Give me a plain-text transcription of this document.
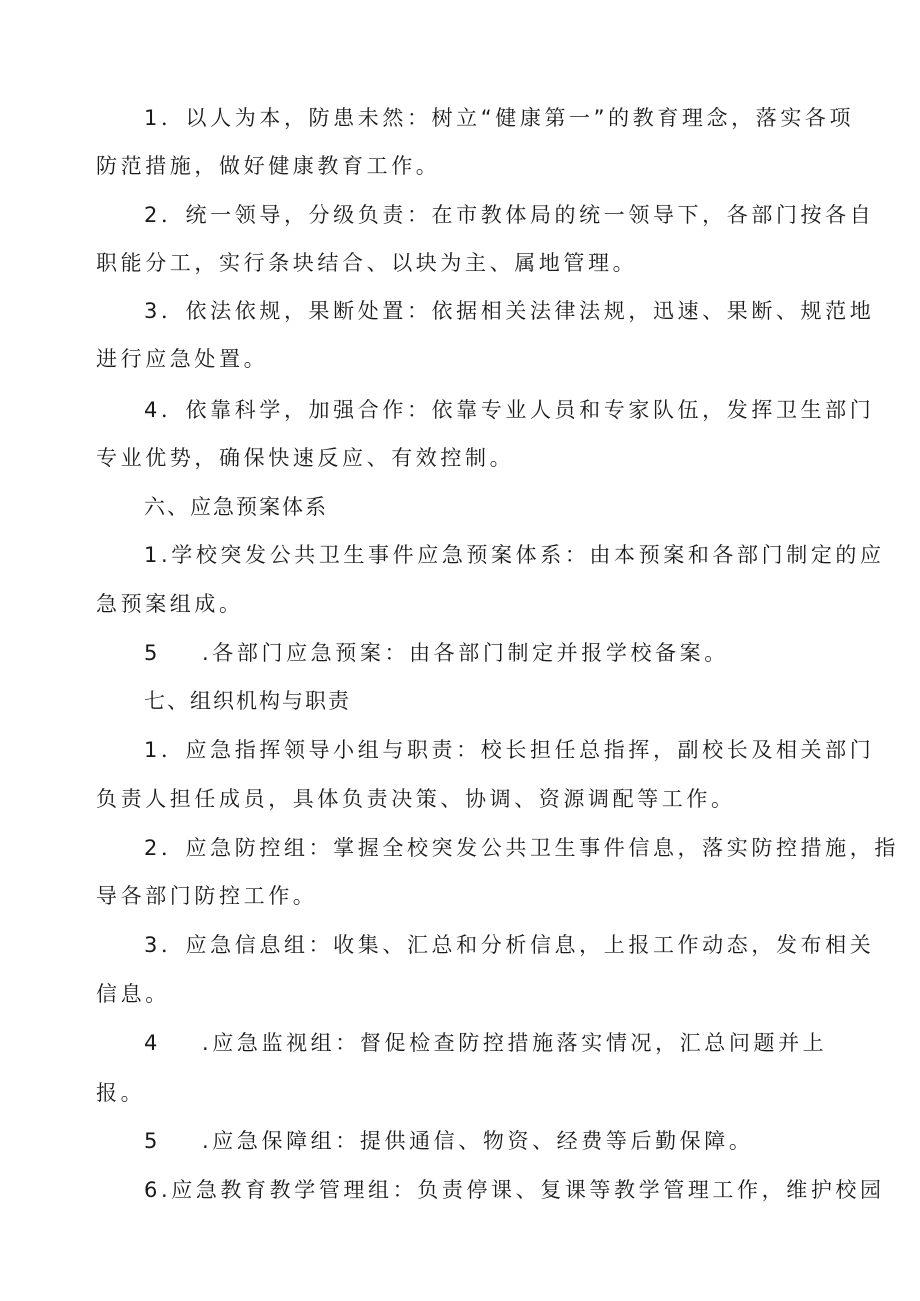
1．以人为本，防患未然：树立“健康第一”的教育理念，落实各项
防范措施，做好健康教育工作。
2．统一领导，分级负责：在市教体局的统一领导下，各部门按各自
职能分工，实行条块结合、以块为主、属地管理。
3．依法依规，果断处置：依据相关法律法规，迅速、果断、规范地
进行应急处置。
4．依靠科学，加强合作：依靠专业人员和专家队伍，发挥卫生部门
专业优势，确保快速反应、有效控制。
六、应急预案体系
1.学校突发公共卫生事件应急预案体系：由本预案和各部门制定的应
急预案组成。
5 .各部门应急预案：由各部门制定并报学校备案。
七、组织机构与职责
1．应急指挥领导小组与职责：校长担任总指挥，副校长及相关部门
负责人担任成员，具体负责决策、协调、资源调配等工作。
2．应急防控组：掌握全校突发公共卫生事件信息，落实防控措施，指
导各部门防控工作。
3．应急信息组：收集、汇总和分析信息，上报工作动态，发布相关
信息。
4 .应急监视组：督促检查防控措施落实情况，汇总问题并上
报。
5 .应急保障组：提供通信、物资、经费等后勤保障。
6.应急教育教学管理组：负责停课、复课等教学管理工作，维护校园
